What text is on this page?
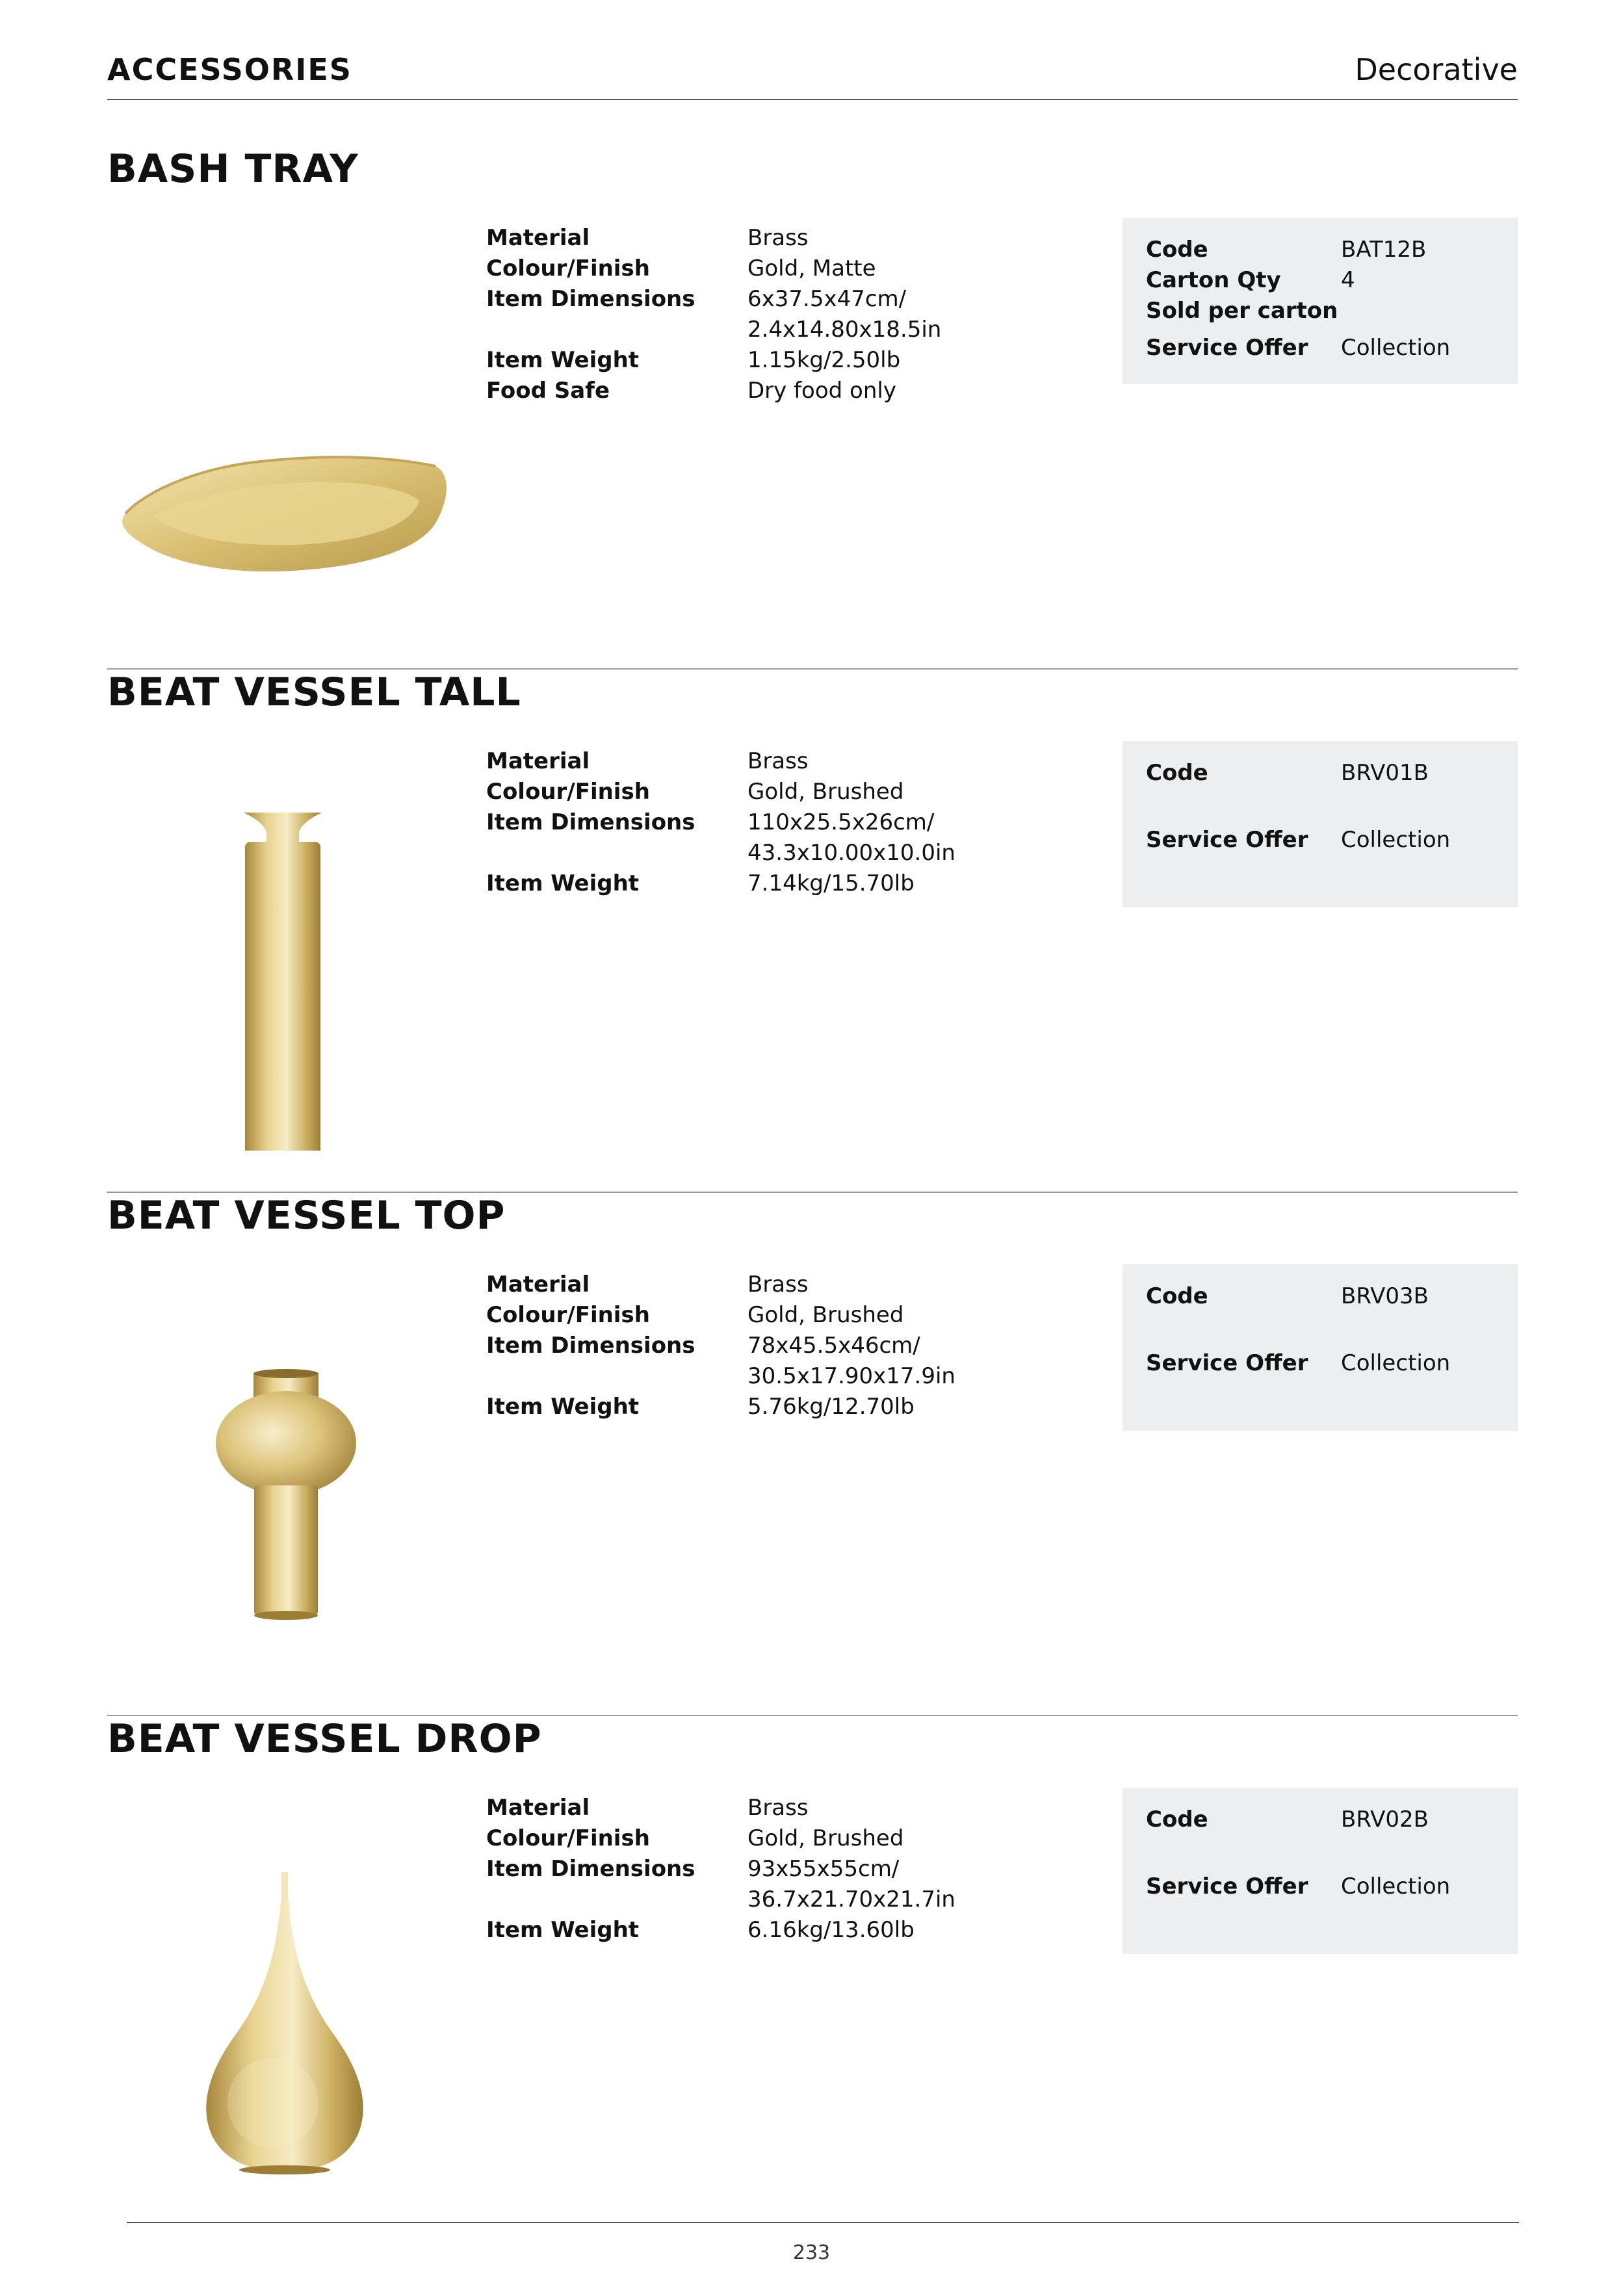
ACCESSORIES	Decorative
BASH TRAY
Material	Brass
Colour/Finish	Gold, Matte
Item Dimensions	6x37.5x47cm/
2.4x14.80x18.5in
Item Weight	1.15kg/2.50lb
Food Safe	Dry food only
Code	BAT12B
Carton Qty	4
Sold per carton
Service Offer	Collection
BEAT VESSEL TALL
Material	Brass
Colour/Finish	Gold, Brushed
Item Dimensions	110x25.5x26cm/
43.3x10.00x10.0in
Item Weight	7.14kg/15.70lb
Code	BRV01B
Service Offer	Collection
BEAT VESSEL TOP
Material	Brass
Colour/Finish	Gold, Brushed
Item Dimensions	78x45.5x46cm/
30.5x17.90x17.9in
Item Weight	5.76kg/12.70lb
Code	BRV03B
Service Offer	Collection
BEAT VESSEL DROP
Material	Brass
Colour/Finish	Gold, Brushed
Item Dimensions	93x55x55cm/
36.7x21.70x21.7in
Item Weight	6.16kg/13.60lb
Code	BRV02B
Service Offer	Collection
233
